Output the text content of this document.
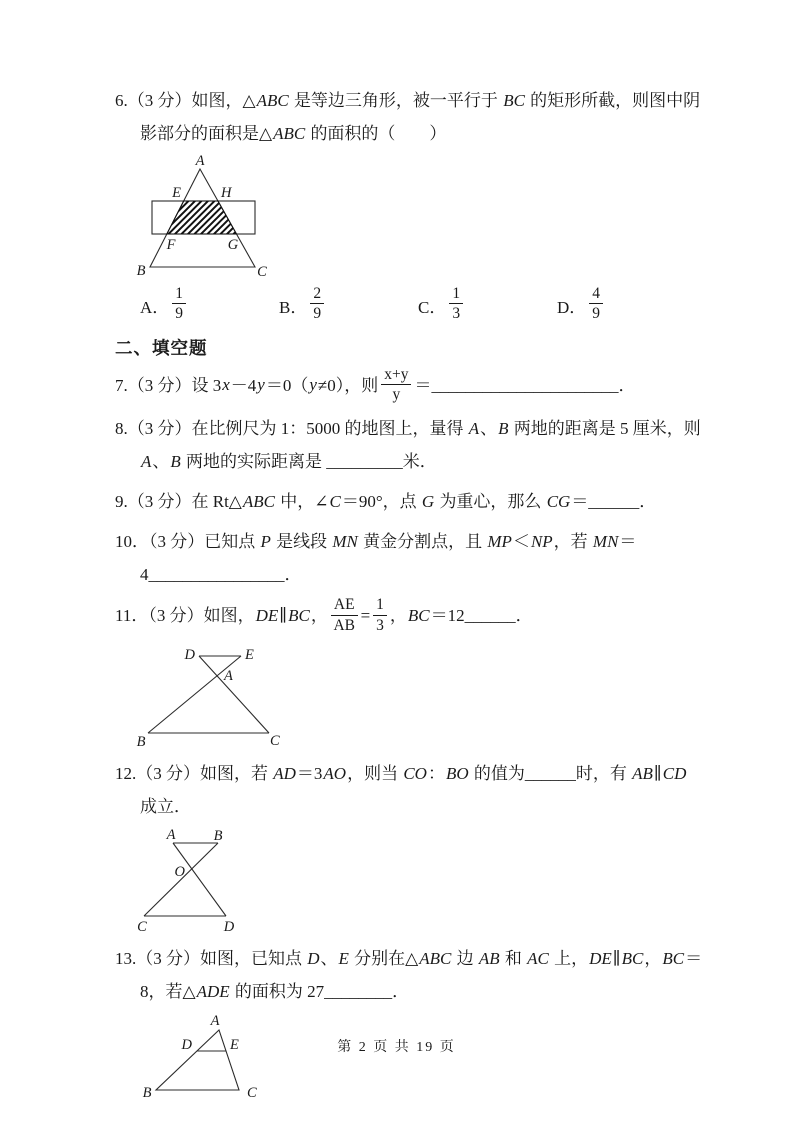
6.（3 分）如图，△ABC 是等边三角形，被一平行于 BC 的矩形所截，则图中阴

影部分的面积是△ABC 的面积的（　　）

A
E	H
F	G
B	C
A． $\frac{1}{9}$	B． $\frac{2}{9}$	C． $\frac{1}{3}$	D． $\frac{4}{9}$
二、填空题

7.（3 分）设 3x－4y＝0（y≠0），则 $\frac{x+y}{y}$ ＝______________________．

8.（3 分）在比例尺为 1：5000 的地图上，量得 A、B 两地的距离是 5 厘米，则

A、B 两地的实际距离是 _________米．

9.（3 分）在 Rt△ABC 中，∠C＝90°，点 G 为重心，那么 CG＝______．

10．（3 分）已知点 P 是线段 MN 黄金分割点，且 MP＜NP，若 MN＝

4________________．

11．（3 分）如图，DE∥BC， $\frac{AE}{AB} = \frac{1}{3}$ ，BC＝12______．

D	E
A
B	C

12.（3 分）如图，若 AD＝3AO，则当 CO：BO 的值为______时，有 AB∥CD

成立．

A	B
O
C	D

13.（3 分）如图，已知点 D、E 分别在△ABC 边 AB 和 AC 上，DE∥BC，BC＝

8，若△ADE 的面积为 27________．

A
D	E
B	C
第 2 页 共 19 页
